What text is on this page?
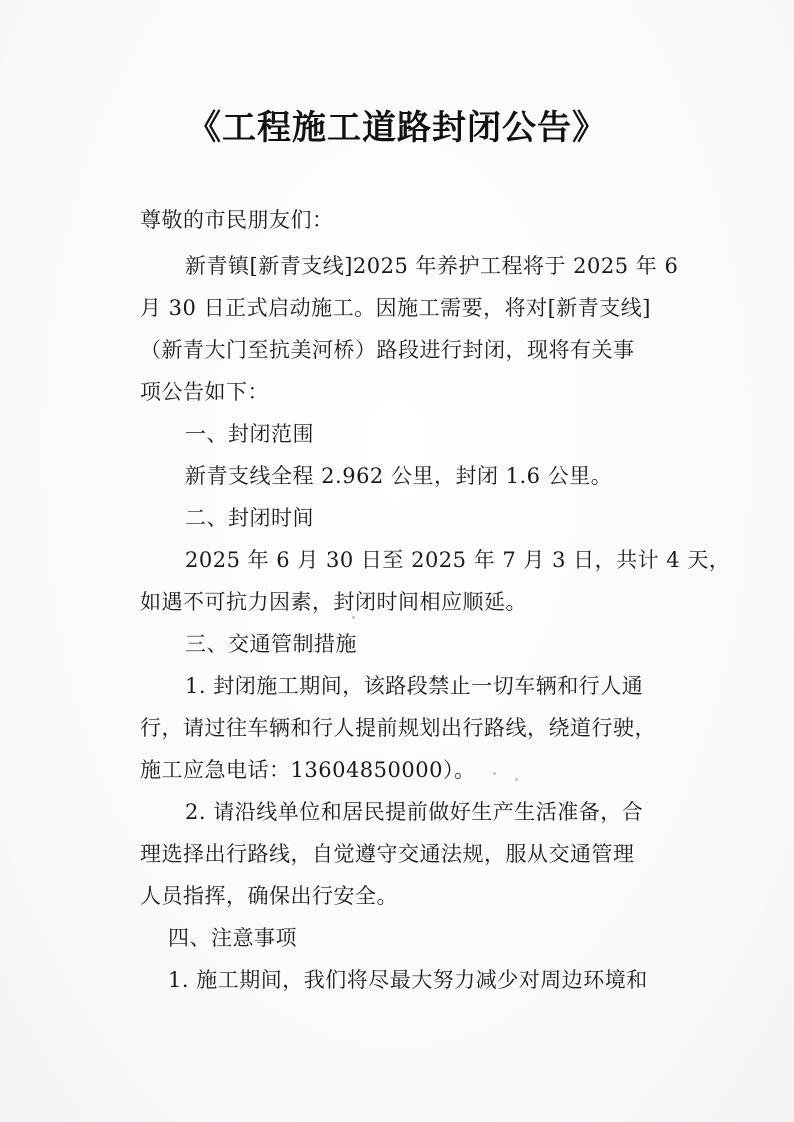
《工程施工道路封闭公告》
尊敬的市民朋友们：
新青镇[新青支线]2025 年养护工程将于 2025 年 6
月 30 日正式启动施工。因施工需要，将对[新青支线]
（新青大门至抗美河桥）路段进行封闭，现将有关事
项公告如下：
一、封闭范围
新青支线全程 2.962 公里，封闭 1.6 公里。
二、封闭时间
2025 年 6 月 30 日至 2025 年 7 月 3 日，共计 4 天，
如遇不可抗力因素，封闭时间相应顺延。
三、交通管制措施
1. 封闭施工期间，该路段禁止一切车辆和行人通
行，请过往车辆和行人提前规划出行路线，绕道行驶，
施工应急电话：13604850000）。
2. 请沿线单位和居民提前做好生产生活准备，合
理选择出行路线，自觉遵守交通法规，服从交通管理
人员指挥，确保出行安全。
四、注意事项
1. 施工期间，我们将尽最大努力减少对周边环境和
